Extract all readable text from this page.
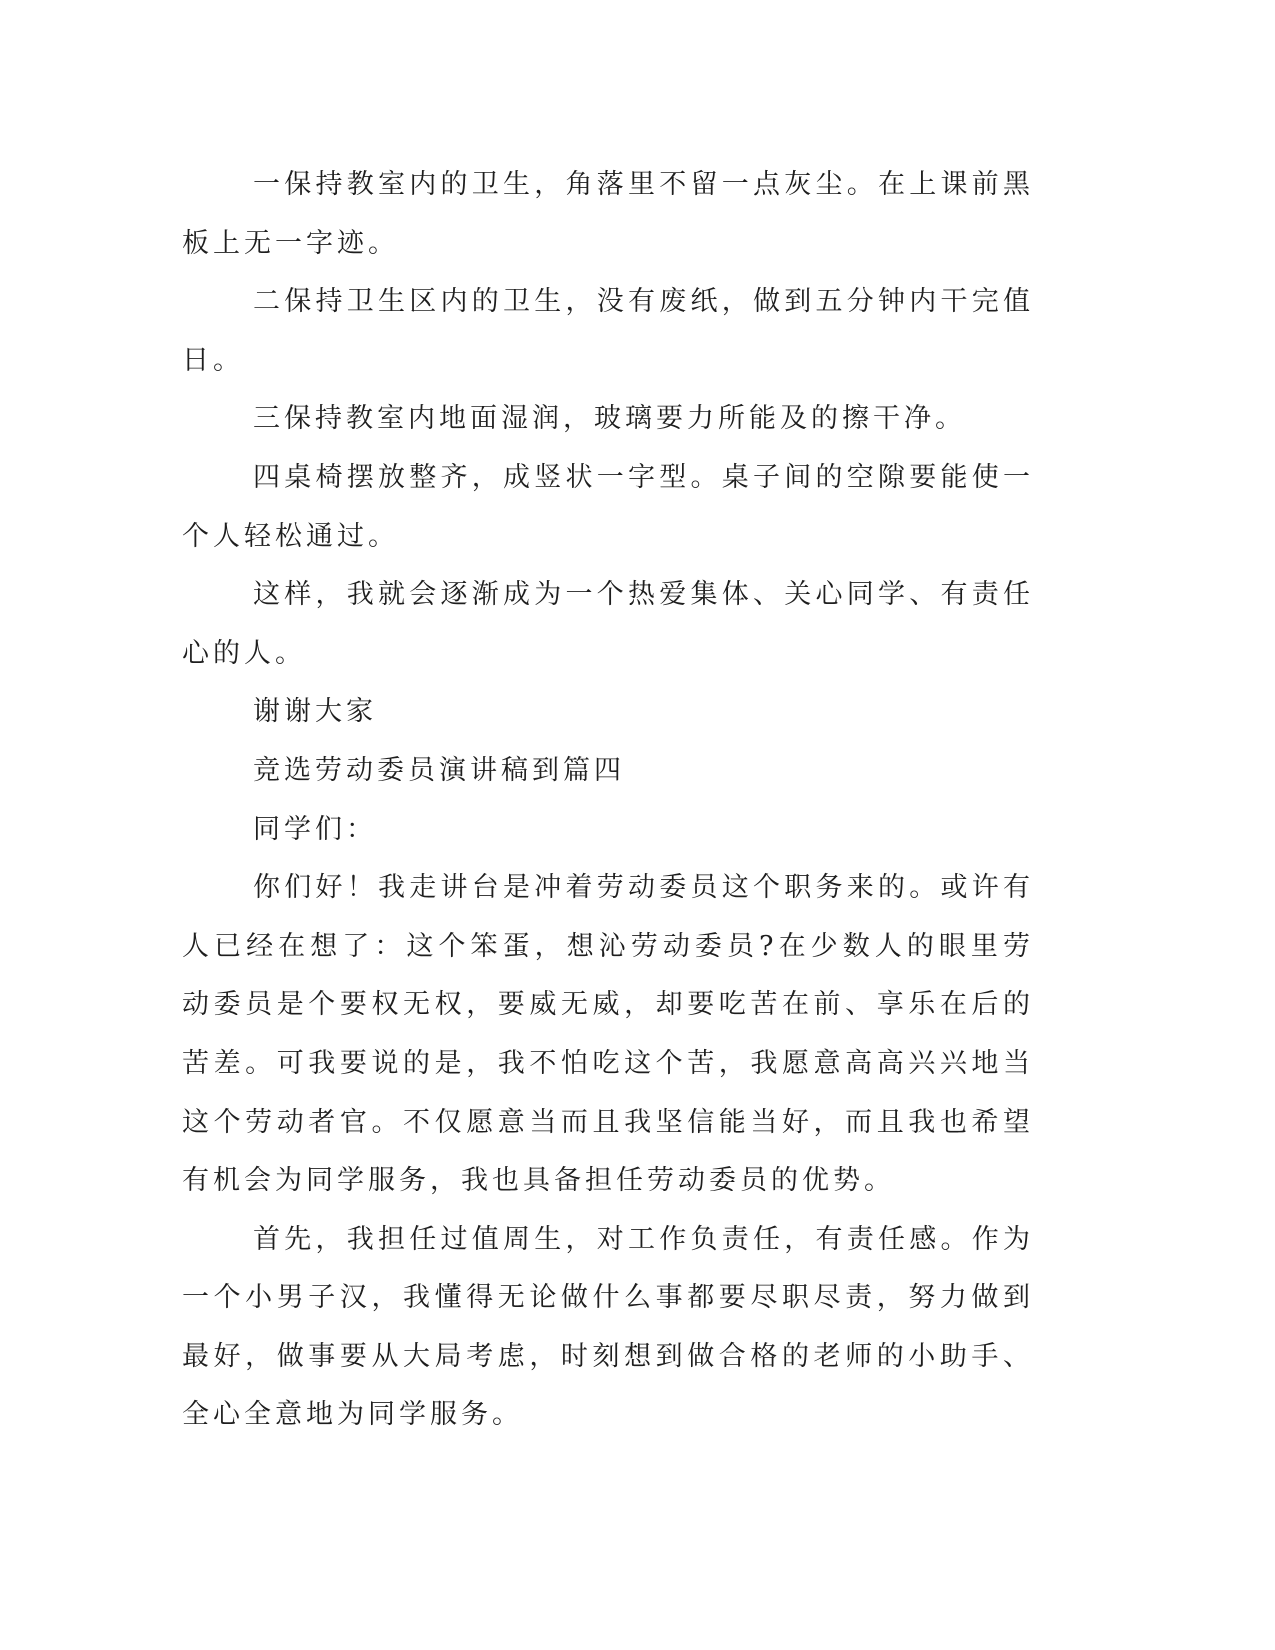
一保持教室内的卫生，角落里不留一点灰尘。在上课前黑板上无一字迹。

二保持卫生区内的卫生，没有废纸，做到五分钟内干完值日。

三保持教室内地面湿润，玻璃要力所能及的擦干净。

四桌椅摆放整齐，成竖状一字型。桌子间的空隙要能使一个人轻松通过。

这样，我就会逐渐成为一个热爱集体、关心同学、有责任心的人。

谢谢大家

竞选劳动委员演讲稿到篇四

同学们：

你们好！我走讲台是冲着劳动委员这个职务来的。或许有人已经在想了：这个笨蛋，想沁劳动委员?在少数人的眼里劳动委员是个要权无权，要威无威，却要吃苦在前、享乐在后的苦差。可我要说的是，我不怕吃这个苦，我愿意高高兴兴地当这个劳动者官。不仅愿意当而且我坚信能当好，而且我也希望有机会为同学服务，我也具备担任劳动委员的优势。

首先，我担任过值周生，对工作负责任，有责任感。作为一个小男子汉，我懂得无论做什么事都要尽职尽责，努力做到最好，做事要从大局考虑，时刻想到做合格的老师的小助手、全心全意地为同学服务。
